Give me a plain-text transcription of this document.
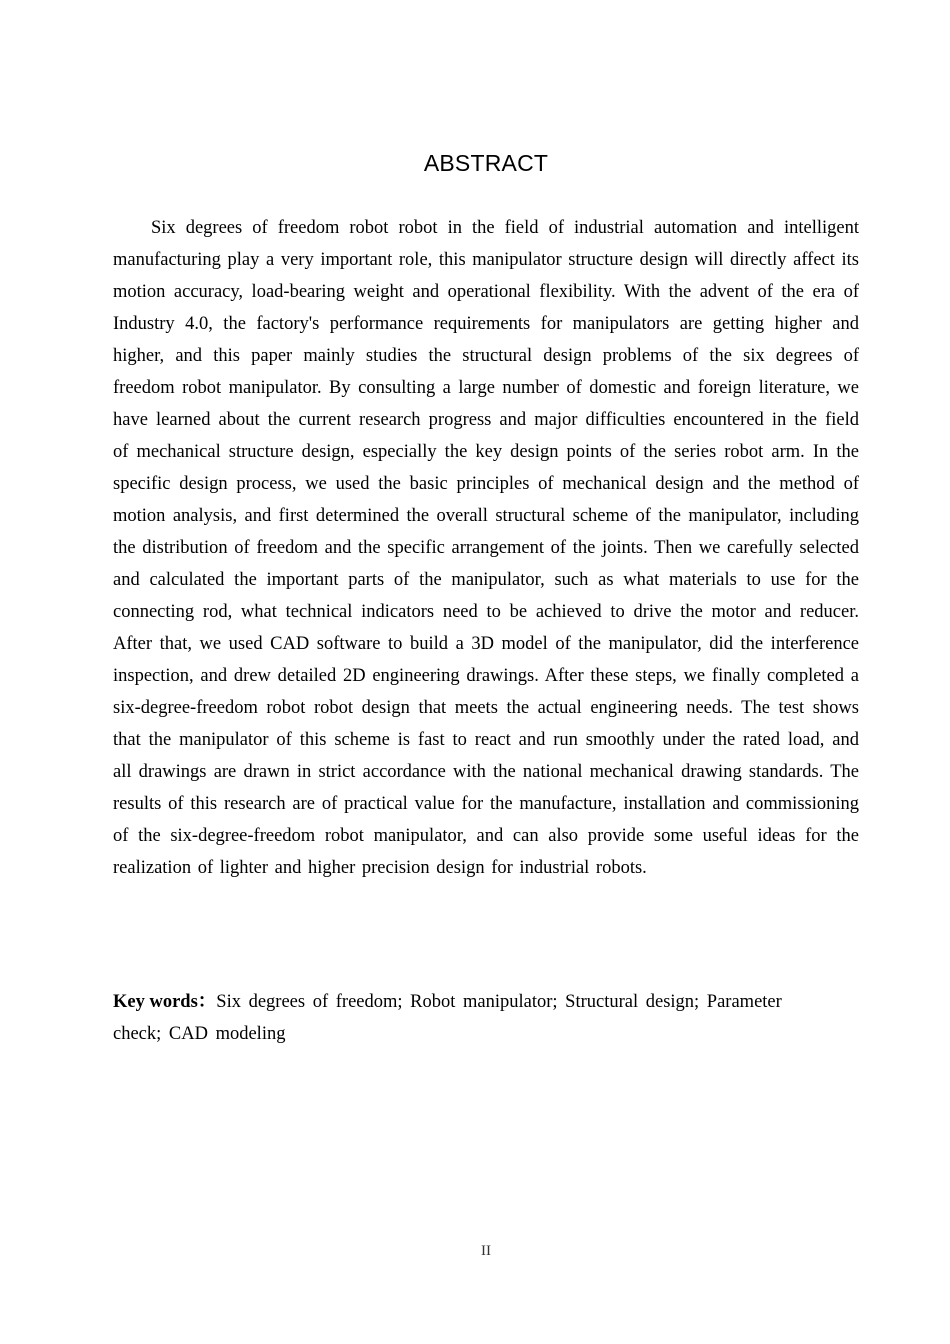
ABSTRACT

Six degrees of freedom robot robot in the field of industrial automation and intelligent manufacturing play a very important role, this manipulator structure design will directly affect its motion accuracy, load-bearing weight and operational flexibility. With the advent of the era of Industry 4.0, the factory's performance requirements for manipulators are getting higher and higher, and this paper mainly studies the structural design problems of the six degrees of freedom robot manipulator. By consulting a large number of domestic and foreign literature, we have learned about the current research progress and major difficulties encountered in the field of mechanical structure design, especially the key design points of the series robot arm. In the specific design process, we used the basic principles of mechanical design and the method of motion analysis, and first determined the overall structural scheme of the manipulator, including the distribution of freedom and the specific arrangement of the joints. Then we carefully selected and calculated the important parts of the manipulator, such as what materials to use for the connecting rod, what technical indicators need to be achieved to drive the motor and reducer. After that, we used CAD software to build a 3D model of the manipulator, did the interference inspection, and drew detailed 2D engineering drawings. After these steps, we finally completed a six-degree-freedom robot robot design that meets the actual engineering needs. The test shows that the manipulator of this scheme is fast to react and run smoothly under the rated load, and all drawings are drawn in strict accordance with the national mechanical drawing standards. The results of this research are of practical value for the manufacture, installation and commissioning of the six-degree-freedom robot manipulator, and can also provide some useful ideas for the realization of lighter and higher precision design for industrial robots.

Key words：Six degrees of freedom; Robot manipulator; Structural design; Parameter check; CAD modeling

II
